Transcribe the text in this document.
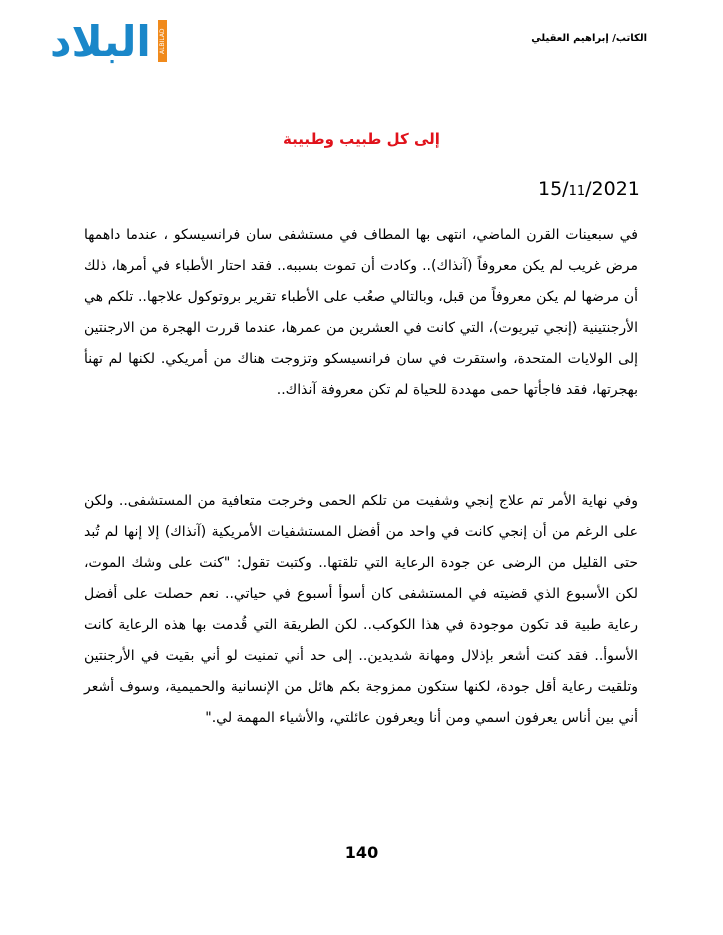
الكاتب/ إبراهيم العقيلي
البلاد ALBILAD
إلى كل طبيب وطبيبة
15/11/2021
في سبعينات القرن الماضي، انتهى بها المطاف في مستشفى سان فرانسيسكو ، عندما داهمها مرض غريب لم يكن معروفاً (آنذاك).. وكادت أن تموت بسببه.. فقد احتار الأطباء في أمرها، ذلك أن مرضها لم يكن معروفاً من قبل، وبالتالي صعُب على الأطباء تقرير بروتوكول علاجها.. تلكم هي الأرجنتينية (إنجي تيريوت)، التي كانت في العشرين من عمرها، عندما قررت الهجرة من الارجنتين إلى الولايات المتحدة، واستقرت في سان فرانسيسكو وتزوجت هناك من أمريكي. لكنها لم تهنأ بهجرتها، فقد فاجأتها حمى مهددة للحياة لم تكن معروفة آنذاك..
وفي نهاية الأمر تم علاج إنجي وشفيت من تلكم الحمى وخرجت متعافية من المستشفى.. ولكن على الرغم من أن إنجي كانت في واحد من أفضل المستشفيات الأمريكية (آنذاك) إلا إنها لم تُبد حتى القليل من الرضى عن جودة الرعاية التي تلقتها.. وكتبت تقول: "كنت على وشك الموت، لكن الأسبوع الذي قضيته في المستشفى كان أسوأ أسبوع في حياتي.. نعم حصلت على أفضل رعاية طبية قد تكون موجودة في هذا الكوكب.. لكن الطريقة التي قُدمت بها هذه الرعاية كانت الأسوأ.. فقد كنت أشعر بإذلال ومهانة شديدين.. إلى حد أني تمنيت لو أني بقيت في الأرجنتين وتلقيت رعاية أقل جودة، لكنها ستكون ممزوجة بكم هائل من الإنسانية والحميمية، وسوف أشعر أني بين أناس يعرفون اسمي ومن أنا ويعرفون عائلتي، والأشياء المهمة لي."
140
